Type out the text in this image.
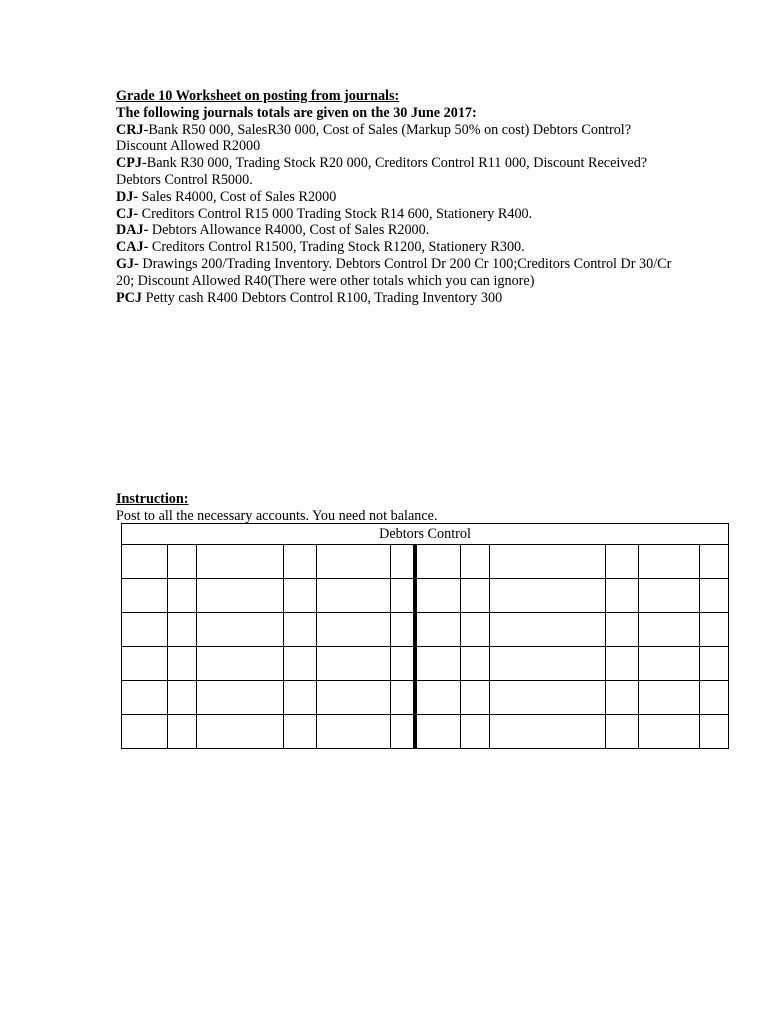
Grade 10 Worksheet on posting from journals:
The following journals totals are given on the 30 June 2017:
CRJ-Bank R50 000, SalesR30 000, Cost of Sales (Markup 50% on cost) Debtors Control? Discount Allowed R2000
CPJ-Bank R30 000, Trading Stock R20 000, Creditors Control R11 000, Discount Received? Debtors Control R5000.
DJ- Sales R4000, Cost of Sales R2000
CJ- Creditors Control R15 000 Trading Stock R14 600, Stationery R400.
DAJ- Debtors Allowance R4000, Cost of Sales R2000.
CAJ- Creditors Control R1500, Trading Stock R1200, Stationery R300.
GJ- Drawings 200/Trading Inventory. Debtors Control Dr 200 Cr 100;Creditors Control Dr 30/Cr 20; Discount Allowed R40(There were other totals which you can ignore)
PCJ Petty cash R400 Debtors Control R100, Trading Inventory 300
Instruction:
Post to all the necessary accounts. You need not balance.
Debtors Control											
